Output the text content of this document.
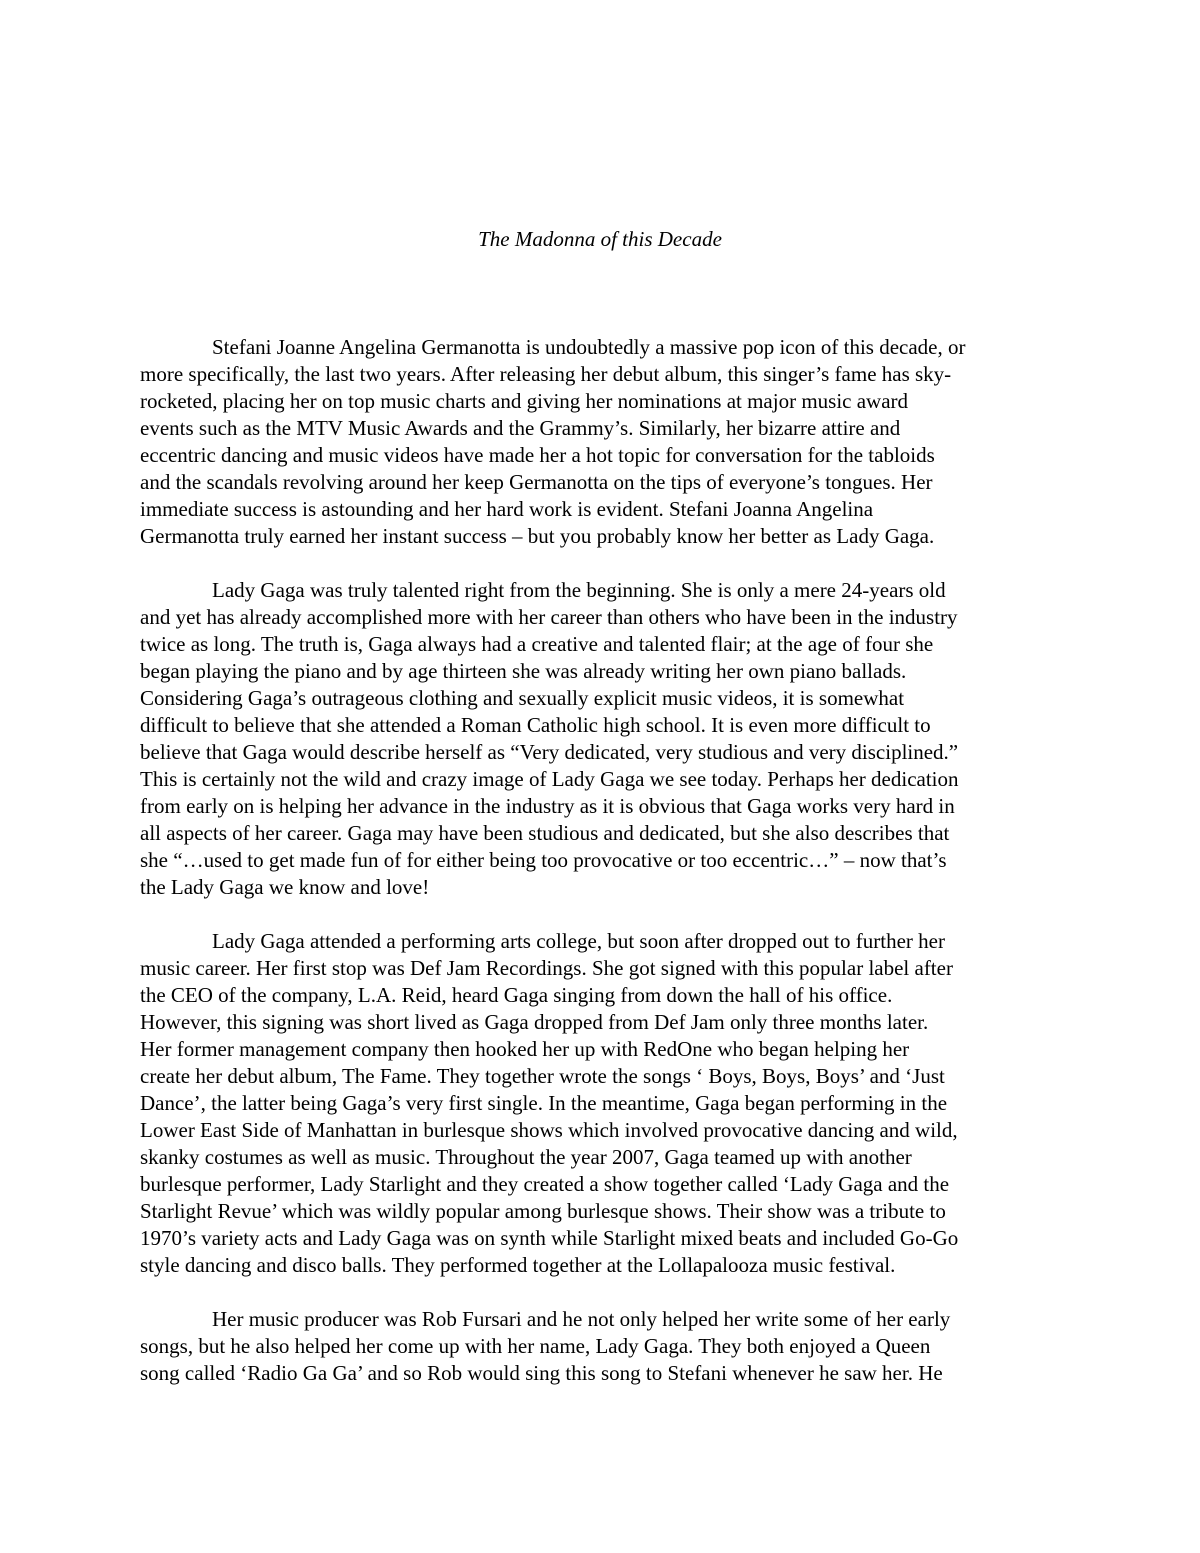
The Madonna of this Decade

Stefani Joanne Angelina Germanotta is undoubtedly a massive pop icon of this decade, or
more specifically, the last two years. After releasing her debut album, this singer’s fame has sky-
rocketed, placing her on top music charts and giving her nominations at major music award
events such as the MTV Music Awards and the Grammy’s. Similarly, her bizarre attire and
eccentric dancing and music videos have made her a hot topic for conversation for the tabloids
and the scandals revolving around her keep Germanotta on the tips of everyone’s tongues. Her
immediate success is astounding and her hard work is evident. Stefani Joanna Angelina
Germanotta truly earned her instant success – but you probably know her better as Lady Gaga.

Lady Gaga was truly talented right from the beginning. She is only a mere 24-years old
and yet has already accomplished more with her career than others who have been in the industry
twice as long. The truth is, Gaga always had a creative and talented flair; at the age of four she
began playing the piano and by age thirteen she was already writing her own piano ballads.
Considering Gaga’s outrageous clothing and sexually explicit music videos, it is somewhat
difficult to believe that she attended a Roman Catholic high school. It is even more difficult to
believe that Gaga would describe herself as “Very dedicated, very studious and very disciplined.”
This is certainly not the wild and crazy image of Lady Gaga we see today. Perhaps her dedication
from early on is helping her advance in the industry as it is obvious that Gaga works very hard in
all aspects of her career. Gaga may have been studious and dedicated, but she also describes that
she “…used to get made fun of for either being too provocative or too eccentric…” – now that’s
the Lady Gaga we know and love!

Lady Gaga attended a performing arts college, but soon after dropped out to further her
music career. Her first stop was Def Jam Recordings. She got signed with this popular label after
the CEO of the company, L.A. Reid, heard Gaga singing from down the hall of his office.
However, this signing was short lived as Gaga dropped from Def Jam only three months later.
Her former management company then hooked her up with RedOne who began helping her
create her debut album, The Fame. They together wrote the songs ‘ Boys, Boys, Boys’ and ‘Just
Dance’, the latter being Gaga’s very first single. In the meantime, Gaga began performing in the
Lower East Side of Manhattan in burlesque shows which involved provocative dancing and wild,
skanky costumes as well as music. Throughout the year 2007, Gaga teamed up with another
burlesque performer, Lady Starlight and they created a show together called ‘Lady Gaga and the
Starlight Revue’ which was wildly popular among burlesque shows. Their show was a tribute to
1970’s variety acts and Lady Gaga was on synth while Starlight mixed beats and included Go-Go
style dancing and disco balls. They performed together at the Lollapalooza music festival.

Her music producer was Rob Fursari and he not only helped her write some of her early
songs, but he also helped her come up with her name, Lady Gaga. They both enjoyed a Queen
song called ‘Radio Ga Ga’ and so Rob would sing this song to Stefani whenever he saw her. He
